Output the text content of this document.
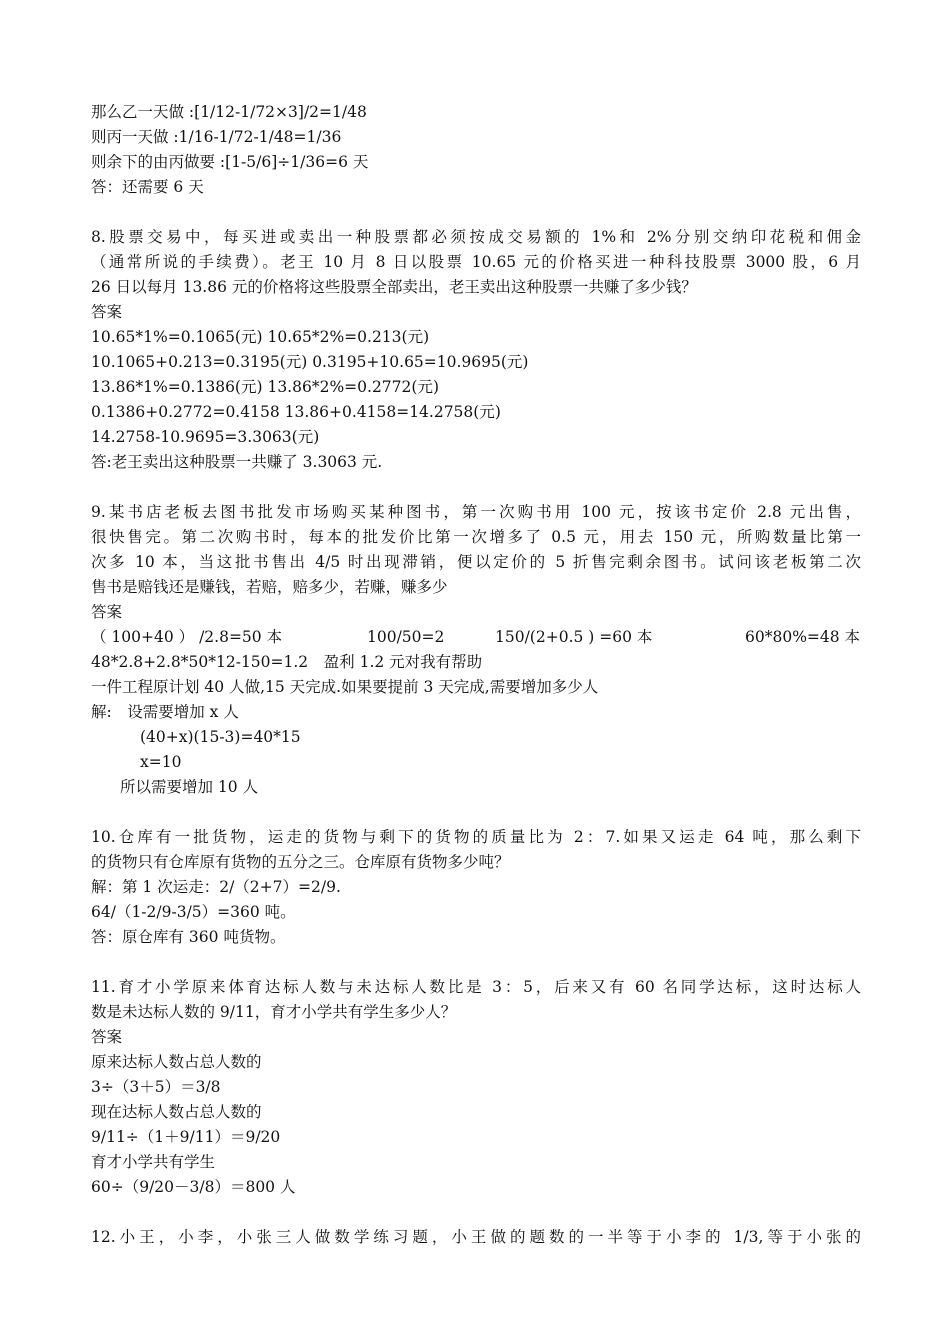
那么乙一天做 :[1/12-1/72×3]/2=1/48
则丙一天做 :1/16-1/72-1/48=1/36
则余下的由丙做要 :[1-5/6]÷1/36=6 天
答：还需要 6 天
8.股票交易中，每买进或卖出一种股票都必须按成交易额的 1%和 2%分别交纳印花税和佣金
（通常所说的手续费）。老王 10 月 8 日以股票 10.65 元的价格买进一种科技股票 3000 股，6 月
26 日以每月 13.86 元的价格将这些股票全部卖出，老王卖出这种股票一共赚了多少钱？
答案
10.65*1%=0.1065(元) 10.65*2%=0.213(元)
10.1065+0.213=0.3195(元) 0.3195+10.65=10.9695(元)
13.86*1%=0.1386(元) 13.86*2%=0.2772(元)
0.1386+0.2772=0.4158 13.86+0.4158=14.2758(元)
14.2758-10.9695=3.3063(元)
答:老王卖出这种股票一共赚了 3.3063 元.
9.某书店老板去图书批发市场购买某种图书，第一次购书用 100 元，按该书定价 2.8 元出售，
很快售完。第二次购书时，每本的批发价比第一次增多了 0.5 元，用去 150 元，所购数量比第一
次多 10 本，当这批书售出 4/5 时出现滞销，便以定价的 5 折售完剩余图书。试问该老板第二次
售书是赔钱还是赚钱，若赔，赔多少，若赚，赚多少
答案
（ 100+40 ） /2.8=50 本	100/50=2	150/(2+0.5 ) =60 本	60*80%=48 本
48*2.8+2.8*50*12-150=1.2　盈利 1.2 元对我有帮助
一件工程原计划 40 人做,15 天完成.如果要提前 3 天完成,需要增加多少人
解:　设需要增加 x 人
(40+x)(15-3)=40*15
x=10
所以需要增加 10 人
10.仓库有一批货物，运走的货物与剩下的货物的质量比为 2：7.如果又运走 64 吨，那么剩下
的货物只有仓库原有货物的五分之三。仓库原有货物多少吨？
解：第 1 次运走：2/（2+7）=2/9.
64/（1-2/9-3/5）=360 吨。
答：原仓库有 360 吨货物。
11.育才小学原来体育达标人数与未达标人数比是 3：5，后来又有 60 名同学达标，这时达标人
数是未达标人数的 9/11，育才小学共有学生多少人？
答案
原来达标人数占总人数的
3÷（3＋5）＝3/8
现在达标人数占总人数的
9/11÷（1＋9/11）＝9/20
育才小学共有学生
60÷（9/20－3/8）＝800 人
12.小王，小李，小张三人做数学练习题，小王做的题数的一半等于小李的 1/3,等于小张的
